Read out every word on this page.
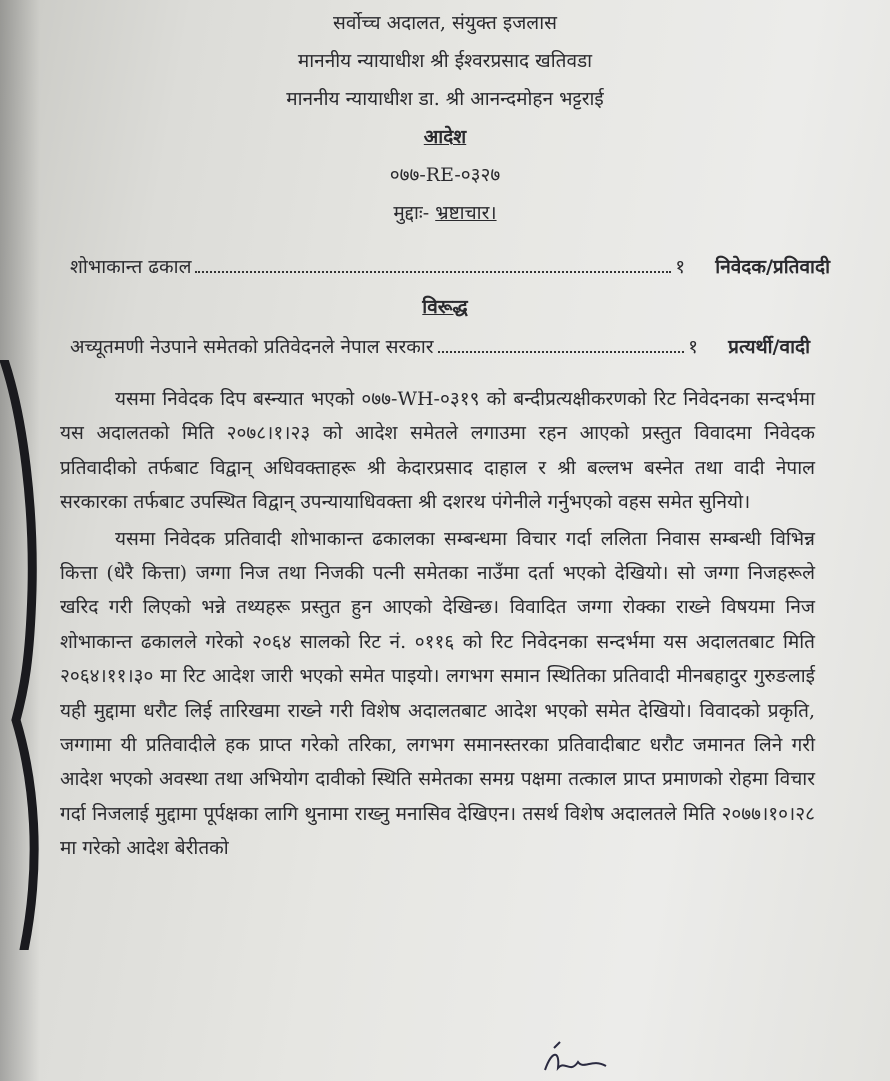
सर्वोच्च अदालत, संयुक्त इजलास
माननीय न्यायाधीश श्री ईश्वरप्रसाद खतिवडा
माननीय न्यायाधीश डा. श्री आनन्दमोहन भट्टराई
आदेश
०७७-RE-०३२७
मुद्दाः- भ्रष्टाचार।
शोभाकान्त ढकाल	१	निवेदक/प्रतिवादी
विरूद्ध
अच्यूतमणी नेउपाने समेतको प्रतिवेदनले नेपाल सरकार	१	प्रत्यर्थी/वादी

यसमा निवेदक दिप बस्न्यात भएको ०७७-WH-०३१९ को बन्दीप्रत्यक्षीकरणको रिट निवेदनका सन्दर्भमा यस अदालतको मिति २०७८।१।२३ को आदेश समेतले लगाउमा रहन आएको प्रस्तुत विवादमा निवेदक प्रतिवादीको तर्फबाट विद्वान् अधिवक्ताहरू श्री केदारप्रसाद दाहाल र श्री बल्लभ बस्नेत तथा वादी नेपाल सरकारका तर्फबाट उपस्थित विद्वान् उपन्यायाधिवक्ता श्री दशरथ पंगेनीले गर्नुभएको वहस समेत सुनियो।

यसमा निवेदक प्रतिवादी शोभाकान्त ढकालका सम्बन्धमा विचार गर्दा ललिता निवास सम्बन्धी विभिन्न कित्ता (धेरै कित्ता) जग्गा निज तथा निजकी पत्नी समेतका नाउँमा दर्ता भएको देखियो। सो जग्गा निजहरूले खरिद गरी लिएको भन्ने तथ्यहरू प्रस्तुत हुन आएको देखिन्छ। विवादित जग्गा रोक्का राख्ने विषयमा निज शोभाकान्त ढकालले गरेको २०६४ सालको रिट नं. ०११६ को रिट निवेदनका सन्दर्भमा यस अदालतबाट मिति २०६४।११।३० मा रिट आदेश जारी भएको समेत पाइयो। लगभग समान स्थितिका प्रतिवादी मीनबहादुर गुरुङलाई यही मुद्दामा धरौट लिई तारिखमा राख्ने गरी विशेष अदालतबाट आदेश भएको समेत देखियो। विवादको प्रकृति, जग्गामा यी प्रतिवादीले हक प्राप्त गरेको तरिका, लगभग समानस्तरका प्रतिवादीबाट धरौट जमानत लिने गरी आदेश भएको अवस्था तथा अभियोग दावीको स्थिति समेतका समग्र पक्षमा तत्काल प्राप्त प्रमाणको रोहमा विचार गर्दा निजलाई मुद्दामा पूर्पक्षका लागि थुनामा राख्नु मनासिव देखिएन। तसर्थ विशेष अदालतले मिति २०७७।१०।२८ मा गरेको आदेश बेरीतको
